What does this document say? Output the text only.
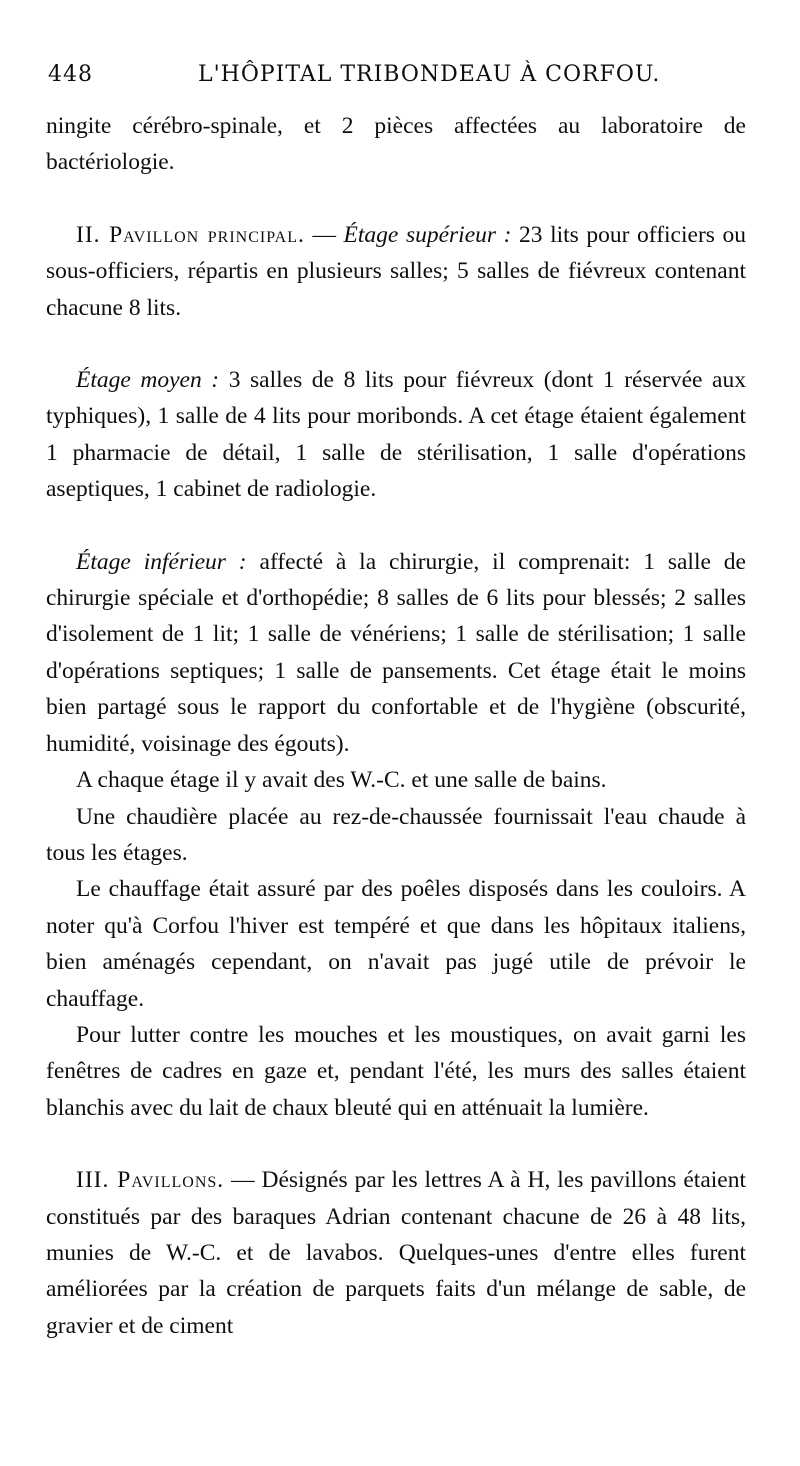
448	L'HÔPITAL TRIBONDEAU À CORFOU.

ningite cérébro-spinale, et 2 pièces affectées au laboratoire de bactériologie.

II. Pavillon principal. — Étage supérieur : 23 lits pour officiers ou sous-officiers, répartis en plusieurs salles; 5 salles de fiévreux contenant chacune 8 lits.

Étage moyen : 3 salles de 8 lits pour fiévreux (dont 1 réservée aux typhiques), 1 salle de 4 lits pour moribonds. A cet étage étaient également 1 pharmacie de détail, 1 salle de stérilisation, 1 salle d'opérations aseptiques, 1 cabinet de radiologie.

Étage inférieur : affecté à la chirurgie, il comprenait: 1 salle de chirurgie spéciale et d'orthopédie; 8 salles de 6 lits pour blessés; 2 salles d'isolement de 1 lit; 1 salle de vénériens; 1 salle de stérilisation; 1 salle d'opérations septiques; 1 salle de pansements. Cet étage était le moins bien partagé sous le rapport du confortable et de l'hygiène (obscurité, humidité, voisinage des égouts).

A chaque étage il y avait des W.-C. et une salle de bains.

Une chaudière placée au rez-de-chaussée fournissait l'eau chaude à tous les étages.

Le chauffage était assuré par des poêles disposés dans les couloirs. A noter qu'à Corfou l'hiver est tempéré et que dans les hôpitaux italiens, bien aménagés cependant, on n'avait pas jugé utile de prévoir le chauffage.

Pour lutter contre les mouches et les moustiques, on avait garni les fenêtres de cadres en gaze et, pendant l'été, les murs des salles étaient blanchis avec du lait de chaux bleuté qui en atténuait la lumière.

III. Pavillons. — Désignés par les lettres A à H, les pavillons étaient constitués par des baraques Adrian contenant chacune de 26 à 48 lits, munies de W.-C. et de lavabos. Quelques-unes d'entre elles furent améliorées par la création de parquets faits d'un mélange de sable, de gravier et de ciment
